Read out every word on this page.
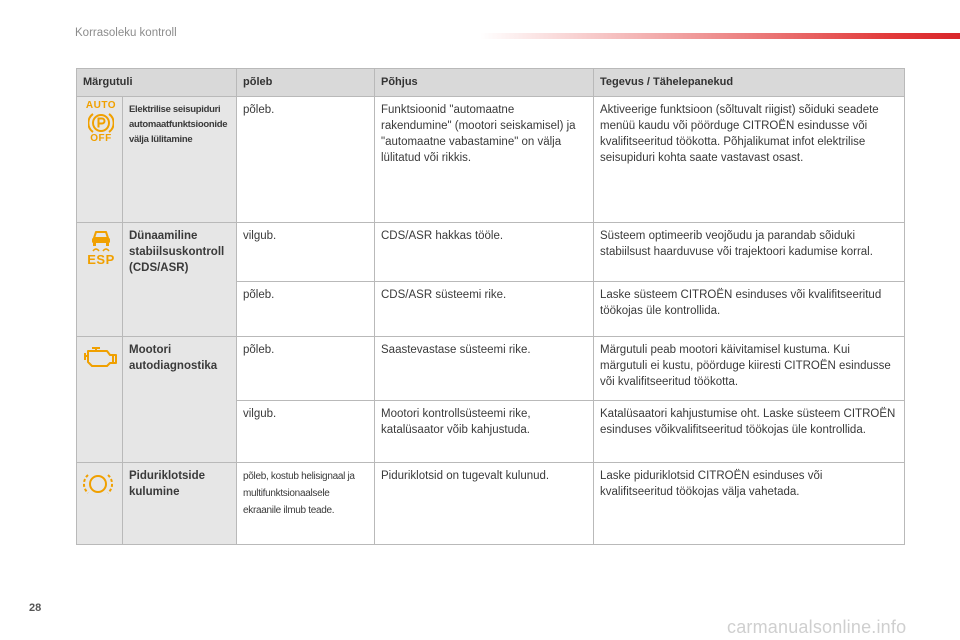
Korrasoleku kontroll
Märgutuli		põleb	Põhjus	Tegevus / Tähelepanekud

AUTO
OFF	Elektrilise seisupiduri automaatfunktsioonide välja lülitamine	põleb.	Funktsioonid "automaatne rakendumine" (mootori seiskamisel) ja "automaatne vabastamine" on välja lülitatud või rikkis.	Aktiveerige funktsioon (sõltuvalt riigist) sõiduki seadete menüü kaudu või pöörduge CITROËN esindusse või kvalifitseeritud töökotta. Põhjalikumat infot elektrilise seisupiduri kohta saate vastavast osast.

ESP	Dünaamiline stabiilsuskontroll (CDS/ASR)	vilgub.	CDS/ASR hakkas tööle.	Süsteem optimeerib veojõudu ja parandab sõiduki stabiilsust haarduvuse või trajektoori kadumise korral.
		põleb.	CDS/ASR süsteemi rike.	Laske süsteem CITROËN esinduses või kvalifitseeritud töökojas üle kontrollida.
	Mootori autodiagnostika	põleb.	Saastevastase süsteemi rike.	Märgutuli peab mootori käivitamisel kustuma. Kui märgutuli ei kustu, pöörduge kiiresti CITROËN esindusse või kvalifitseeritud töökotta.
		vilgub.	Mootori kontrollsüsteemi rike, katalüsaator võib kahjustuda.	Katalüsaatori kahjustumise oht. Laske süsteem CITROËN esinduses võikvalifitseeritud töökojas üle kontrollida.
	Piduriklotside kulumine	põleb, kostub helisignaal ja multifunktsionaalsele ekraanile ilmub teade.	Piduriklotsid on tugevalt kulunud.	Laske piduriklotsid CITROËN esinduses või kvalifitseeritud töökojas välja vahetada.
28
carmanualsonline.info
